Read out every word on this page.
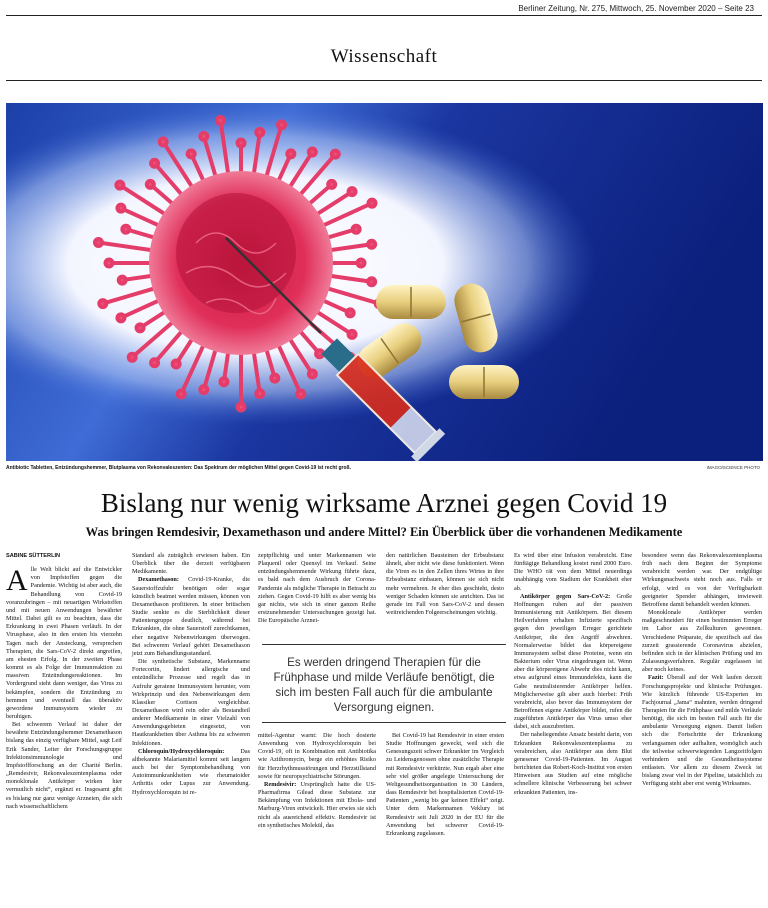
Berliner Zeitung, Nr. 275, Mittwoch, 25. November 2020 – Seite 23
Wissenschaft
Antibiotic Tabletten, Entzündungshemmer, Blutplasma von Rekonvaleszenten: Das Spektrum der möglichen Mittel gegen Covid-19 ist recht groß.	IMAGO/SCIENCE PHOTO
Bislang nur wenig wirksame Arznei gegen Covid 19
Was bringen Remdesivir, Dexamethason und andere Mittel? Ein Überblick über die vorhandenen Medikamente
SABINE SÜTTERLIN

Alle Welt blickt auf die Entwickler von Impfstoffen gegen die Pandemie. Wichtig ist aber auch, die Behandlung von Covid-19 voranzubringen – mit neuartigen Wirkstoffen und mit neuen Anwendungen bewährter Mittel. Dabei gilt es zu beachten, dass die Erkrankung in zwei Phasen verläuft. In der Virusphase, also in den ersten bis vierzehn Tagen nach der Ansteckung, versprechen Therapien, die Sars-CoV-2 direkt angreifen, am ehesten Erfolg. In der zweiten Phase kommt es als Folge der Immunreaktion zu massiven Entzündungsreaktionen. Im Vordergrund steht dann weniger, das Virus zu bekämpfen, sondern die Entzündung zu hemmen und eventuell das überaktiv gewordene Immunsystem wieder zu beruhigen.

Bei schwerem Verlauf ist daher der bewährte Entzündungshemmer Dexamethason bislang das einzig verfügbare Mittel, sagt Leif Erik Sander, Leiter der Forschungsgruppe Infektionsimmunologie und Impfstoffforschung an der Charité Berlin. „Remdesivir, Rekonvaleszentenplasma oder monoklonale Antikörper wirken hier vermutlich nicht“, ergänzt er. Insgesamt gibt es bislang nur ganz wenige Arzneien, die sich nach wissenschaftlichem

Standard als zuträglich erwiesen haben. Ein Überblick über die derzeit verfügbaren Medikamente.

Dexamethason: Covid-19-Kranke, die Sauerstoffzufuhr benötigen oder sogar künstlich beatmet werden müssen, können von Dexamethason profitieren. In einer britischen Studie senkte es die Sterblichkeit dieser Patientengruppe deutlich, während bei Erkrankten, die ohne Sauerstoff zurechtkamen, eher negative Nebenwirkungen überwogen. Bei schwerem Verlauf gehört Dexamethason jetzt zum Behandlungsstandard.

Die synthetische Substanz, Markenname Fortecortin, lindert allergische und entzündliche Prozesse und regelt das in Aufruhr geratene Immunsystem herunter, vom Wirkprinzip und den Nebenwirkungen dem Klassiker Cortison vergleichbar. Dexamethason wird rein oder als Bestandteil anderer Medikamente in einer Vielzahl von Anwendungsgebieten eingesetzt, von Hautkrankheiten über Asthma bis zu schweren Infektionen.

Chloroquin/Hydroxychloroquin: Das altbekannte Malariamittel kommt seit langem auch bei der Symptombehandlung von Autoimmunkrankheiten wie rheumatoider Arthritis oder Lupus zur Anwendung. Hydroxychloroquin ist re-

zeptpflichtig und unter Markennamen wie Plaquenil oder Quensyl im Verkauf. Seine entzündungshemmende Wirkung führte dazu, es bald nach dem Ausbruch der Corona-Pandemie als mögliche Therapie in Betracht zu ziehen. Gegen Covid-19 hilft es aber wenig bis gar nichts, wie sich in einer ganzen Reihe erstzunehmender Untersuchungen gezeigt hat. Die Europäische Arznei-

den natürlichen Bausteinen der Erbsubstanz ähnelt, aber nicht wie diese funktioniert. Wenn die Viren es in den Zellen ihres Wirtes in ihre Erbsubstanz einbauen, können sie sich nicht mehr vermehren. Je eher dies geschieht, desto weniger Schaden können sie anrichten. Das ist gerade im Fall von Sars-CoV-2 und dessen weitreichenden Folgeerscheinungen wichtig.

Es werden dringend Therapien für die Frühphase und milde Verläufe benötigt, die sich im besten Fall auch für die ambulante Versorgung eignen.

mittel-Agentur warnt: Die hoch dosierte Anwendung von Hydroxychloroquin bei Covid-19, oft in Kombination mit Antibiotika wie Azithromycin, berge ein erhöhtes Risiko für Herzrhythmusstörungen und Herzstillstand sowie für neuropsychiatrische Störungen.

Remdesivir: Ursprünglich hatte die US-Pharmafirma Gilead diese Substanz zur Bekämpfung von Infektionen mit Ebola- und Marburg-Viren entwickelt. Hier erwies sie sich nicht als ausreichend effektiv. Remdesivir ist ein synthetisches Molekül, das

Bei Covid-19 hat Remdesivir in einer ersten Studie Hoffnungen geweckt, weil sich die Genesungszeit schwer Erkrankter im Vergleich zu Leidensgenossen ohne zusätzliche Therapie mit Remdesivir verkürzte. Nun ergab aber eine sehr viel größer angelegte Untersuchung der Weltgesundheitsorganisation in 30 Ländern, dass Remdesivir bei hospitalisierten Covid-19-Patienten „wenig bis gar keinen Effekt“ zeigt. Unter dem Markennamen Veklury ist Remdesivir seit Juli 2020 in der EU für die Anwendung bei schwerer Covid-19-Erkrankung zugelassen.

Es wird über eine Infusion verabreicht. Eine fünftägige Behandlung kostet rund 2000 Euro. Die WHO rät von dem Mittel neuerdings unabhängig vom Stadium der Krankheit eher ab.

Antikörper gegen Sars-CoV-2: Große Hoffnungen ruhen auf der passiven Immunisierung mit Antikörpern. Bei diesem Heilverfahren erhalten Infizierte spezifisch gegen den jeweiligen Erreger gerichtete Antikörper, die den Angriff abwehren. Normalerweise bildet das körpereigene Immunsystem selbst diese Proteine, wenn ein Bakterium oder Virus eingedrungen ist. Wenn aber die körpereigene Abwehr dies nicht kann, etwa aufgrund eines Immundefekts, kann die Gabe neutralisierender Antikörper helfen. Möglicherweise gilt aber auch hierbei: Früh verabreicht, also bevor das Immunsystem der Betroffenen eigene Antikörper bildet, rufen die zugeführten Antikörper das Virus umso eher dabei, sich auszubreiten.

Der naheliegendste Ansatz besteht darin, von Erkrankten Rekonvaleszentenplasma zu verabreichen, also Antikörper aus dem Blut genesener Covid-19-Patienten. Im August berichteten das Robert-Koch-Institut von ersten Hinweisen aus Studien auf eine mögliche schnellere klinische Verbesserung bei schwer erkrankten Patienten, ins-

besondere wenn das Rekonvaleszentenplasma früh nach dem Beginn der Symptome verabreicht werden war. Der endgültige Wirkungsnachweis steht noch aus. Falls er erfolgt, wird es von der Verfügbarkeit geeigneter Spender abhängen, inwieweit Betroffene damit behandelt werden können.

Monoklonale Antikörper werden maßgeschneidert für einen bestimmten Erreger im Labor aus Zellkulturen gewonnen. Verschiedene Präparate, die spezifisch auf das zurzeit grassierende Coronavirus abzielen, befinden sich in der klinischen Prüfung und im Zulassungsverfahren. Regulär zugelassen ist aber noch keines.

Fazit: Überall auf der Welt laufen derzeit Forschungsprojekte und klinische Prüfungen. Wie kürzlich führende US-Experten im Fachjournal „Jama“ mahnten, werden dringend Therapien für die Frühphase und milde Verläufe benötigt, die sich im besten Fall auch für die ambulante Versorgung eignen. Damit ließen sich die Fortschritte der Erkrankung verlangsamen oder aufhalten, womöglich auch die teilweise schwerwiegenden Langzeitfolgen verhindern und die Gesundheitssysteme entlasten. Vor allem zu diesem Zweck ist bislang zwar viel in der Pipeline, tatsächlich zu Verfügung steht aber erst wenig Wirksames.
